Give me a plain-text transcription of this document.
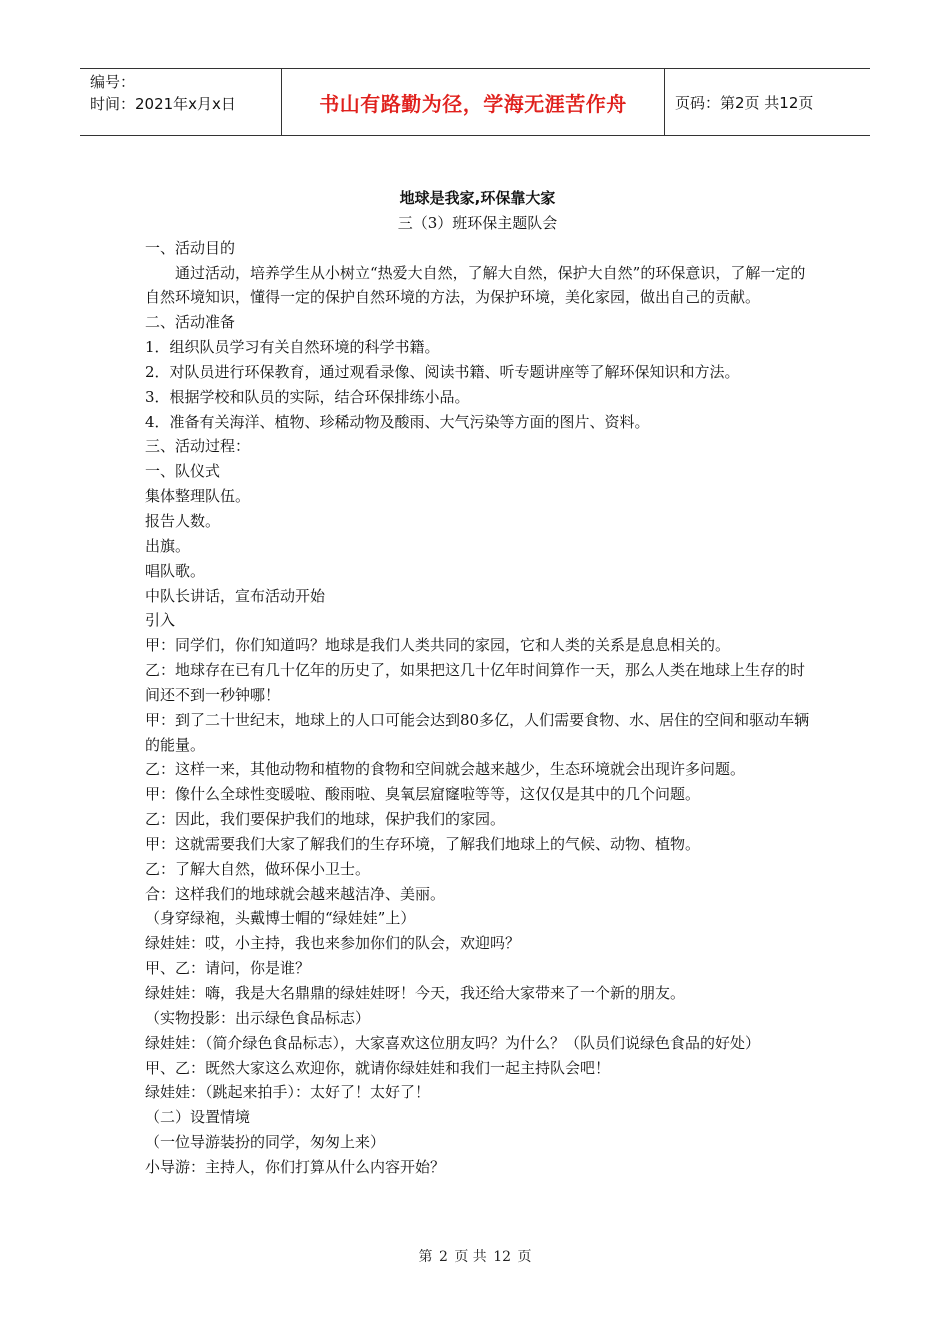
编号：
时间：2021年x月x日	书山有路勤为径，学海无涯苦作舟	页码：第2页 共12页

地球是我家,环保靠大家

三（3）班环保主题队会

一、活动目的

通过活动，培养学生从小树立“热爱大自然，了解大自然，保护大自然”的环保意识，了解一定的自然环境知识，懂得一定的保护自然环境的方法，为保护环境，美化家园，做出自己的贡献。

二、活动准备

1．组织队员学习有关自然环境的科学书籍。

2．对队员进行环保教育，通过观看录像、阅读书籍、听专题讲座等了解环保知识和方法。

3．根据学校和队员的实际，结合环保排练小品。

4．准备有关海洋、植物、珍稀动物及酸雨、大气污染等方面的图片、资料。

三、活动过程：

一、队仪式

集体整理队伍。

报告人数。

出旗。

唱队歌。

中队长讲话，宣布活动开始

引入

甲：同学们，你们知道吗？地球是我们人类共同的家园，它和人类的关系是息息相关的。

乙：地球存在已有几十亿年的历史了，如果把这几十亿年时间算作一天，那么人类在地球上生存的时间还不到一秒钟哪！

甲：到了二十世纪末，地球上的人口可能会达到80多亿，人们需要食物、水、居住的空间和驱动车辆的能量。

乙：这样一来，其他动物和植物的食物和空间就会越来越少，生态环境就会出现许多问题。

甲：像什么全球性变暖啦、酸雨啦、臭氧层窟窿啦等等，这仅仅是其中的几个问题。

乙：因此，我们要保护我们的地球，保护我们的家园。

甲：这就需要我们大家了解我们的生存环境，了解我们地球上的气候、动物、植物。

乙：了解大自然，做环保小卫士。

合：这样我们的地球就会越来越洁净、美丽。

（身穿绿袍，头戴博士帽的“绿娃娃”上）

绿娃娃：哎，小主持，我也来参加你们的队会，欢迎吗？

甲、乙：请问，你是谁？

绿娃娃：嗨，我是大名鼎鼎的绿娃娃呀！今天，我还给大家带来了一个新的朋友。

（实物投影：出示绿色食品标志）

绿娃娃：（简介绿色食品标志），大家喜欢这位朋友吗？为什么？（队员们说绿色食品的好处）

甲、乙：既然大家这么欢迎你，就请你绿娃娃和我们一起主持队会吧！

绿娃娃：（跳起来拍手）：太好了！太好了！

（二）设置情境

（一位导游装扮的同学，匆匆上来）

小导游：主持人，你们打算从什么内容开始？

第 2 页 共 12 页
